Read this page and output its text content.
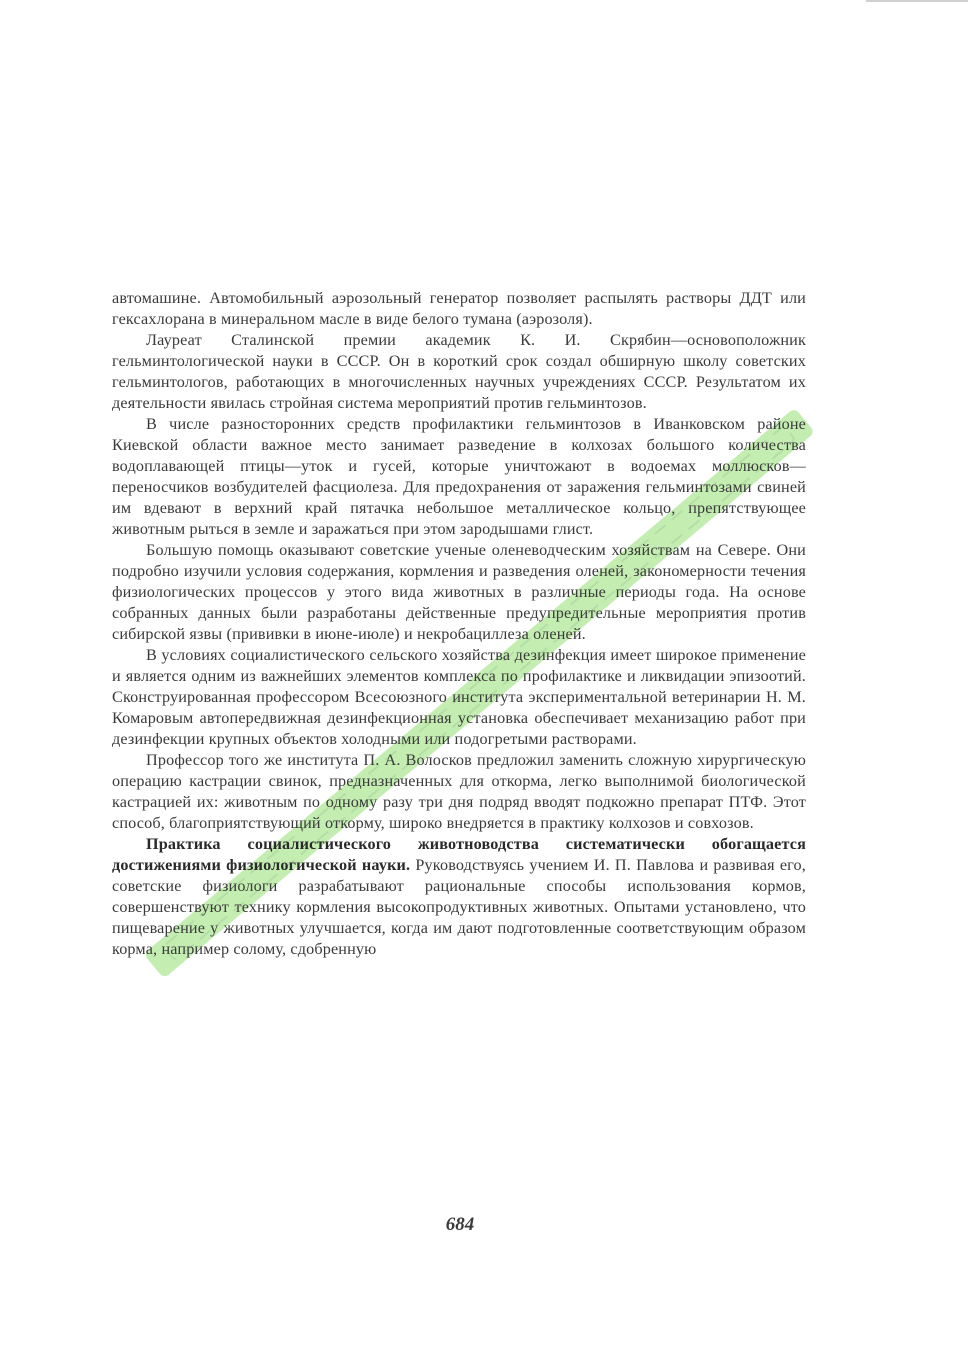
автомашине. Автомобильный аэрозольный генератор позволяет распылять растворы ДДТ или гексахлорана в минеральном масле в виде белого тумана (аэрозоля).

Лауреат Сталинской премии академик К. И. Скрябин—основоположник гельминтологической науки в СССР. Он в короткий срок создал обширную школу советских гельминтологов, работающих в многочисленных научных учреждениях СССР. Результатом их деятельности явилась стройная система мероприятий против гельминтозов.

В числе разносторонних средств профилактики гельминтозов в Иванковском районе Киевской области важное место занимает разведение в колхозах большого количества водоплавающей птицы—уток и гусей, которые уничтожают в водоемах моллюсков—переносчиков возбудителей фасциолеза. Для предохранения от заражения гельминтозами свиней им вдевают в верхний край пятачка небольшое металлическое кольцо, препятствующее животным рыться в земле и заражаться при этом зародышами глист.

Большую помощь оказывают советские ученые оленеводческим хозяйствам на Севере. Они подробно изучили условия содержания, кормления и разведения оленей, закономерности течения физиологических процессов у этого вида животных в различные периоды года. На основе собранных данных были разработаны действенные предупредительные мероприятия против сибирской язвы (прививки в июне-июле) и некробациллеза оленей.

В условиях социалистического сельского хозяйства дезинфекция имеет широкое применение и является одним из важнейших элементов комплекса по профилактике и ликвидации эпизоотий. Сконструированная профессором Всесоюзного института экспериментальной ветеринарии Н. М. Комаровым автопередвижная дезинфекционная установка обеспечивает механизацию работ при дезинфекции крупных объектов холодными или подогретыми растворами.

Профессор того же института П. А. Волосков предложил заменить сложную хирургическую операцию кастрации свинок, предназначенных для откорма, легко выполнимой биологической кастрацией их: животным по одному разу три дня подряд вводят подкожно препарат ПТФ. Этот способ, благоприятствующий откорму, широко внедряется в практику колхозов и совхозов.

Практика социалистического животноводства систематически обогащается достижениями физиологической науки. Руководствуясь учением И. П. Павлова и развивая его, советские физиологи разрабатывают рациональные способы использования кормов, совершенствуют технику кормления высокопродуктивных животных. Опытами установлено, что пищеварение у животных улучшается, когда им дают подготовленные соответствующим образом корма, например солому, сдобренную

684
